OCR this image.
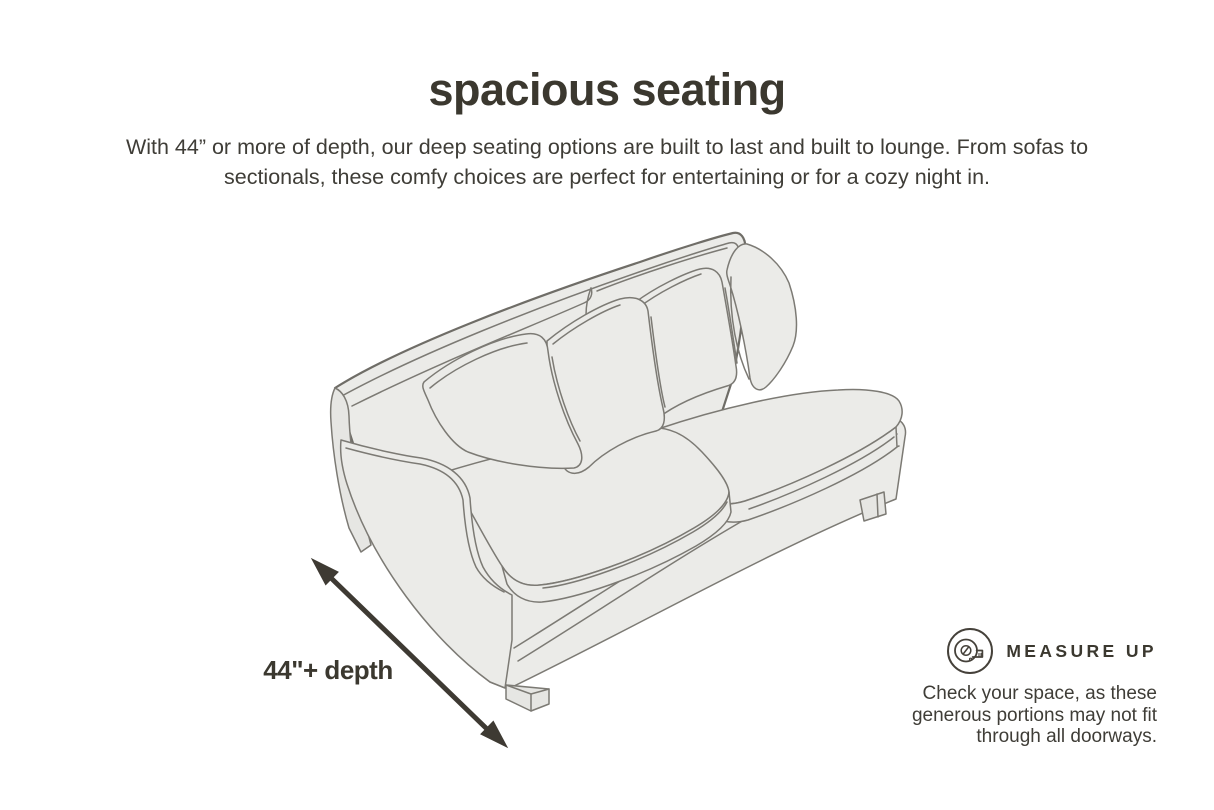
spacious seating

With 44” or more of depth, our deep seating options are built to last and built to lounge. From sofas to sectionals, these comfy choices are perfect for entertaining or for a cozy night in.

44"+ depth
MEASURE UP

Check your space, as these generous portions may not fit through all doorways.
